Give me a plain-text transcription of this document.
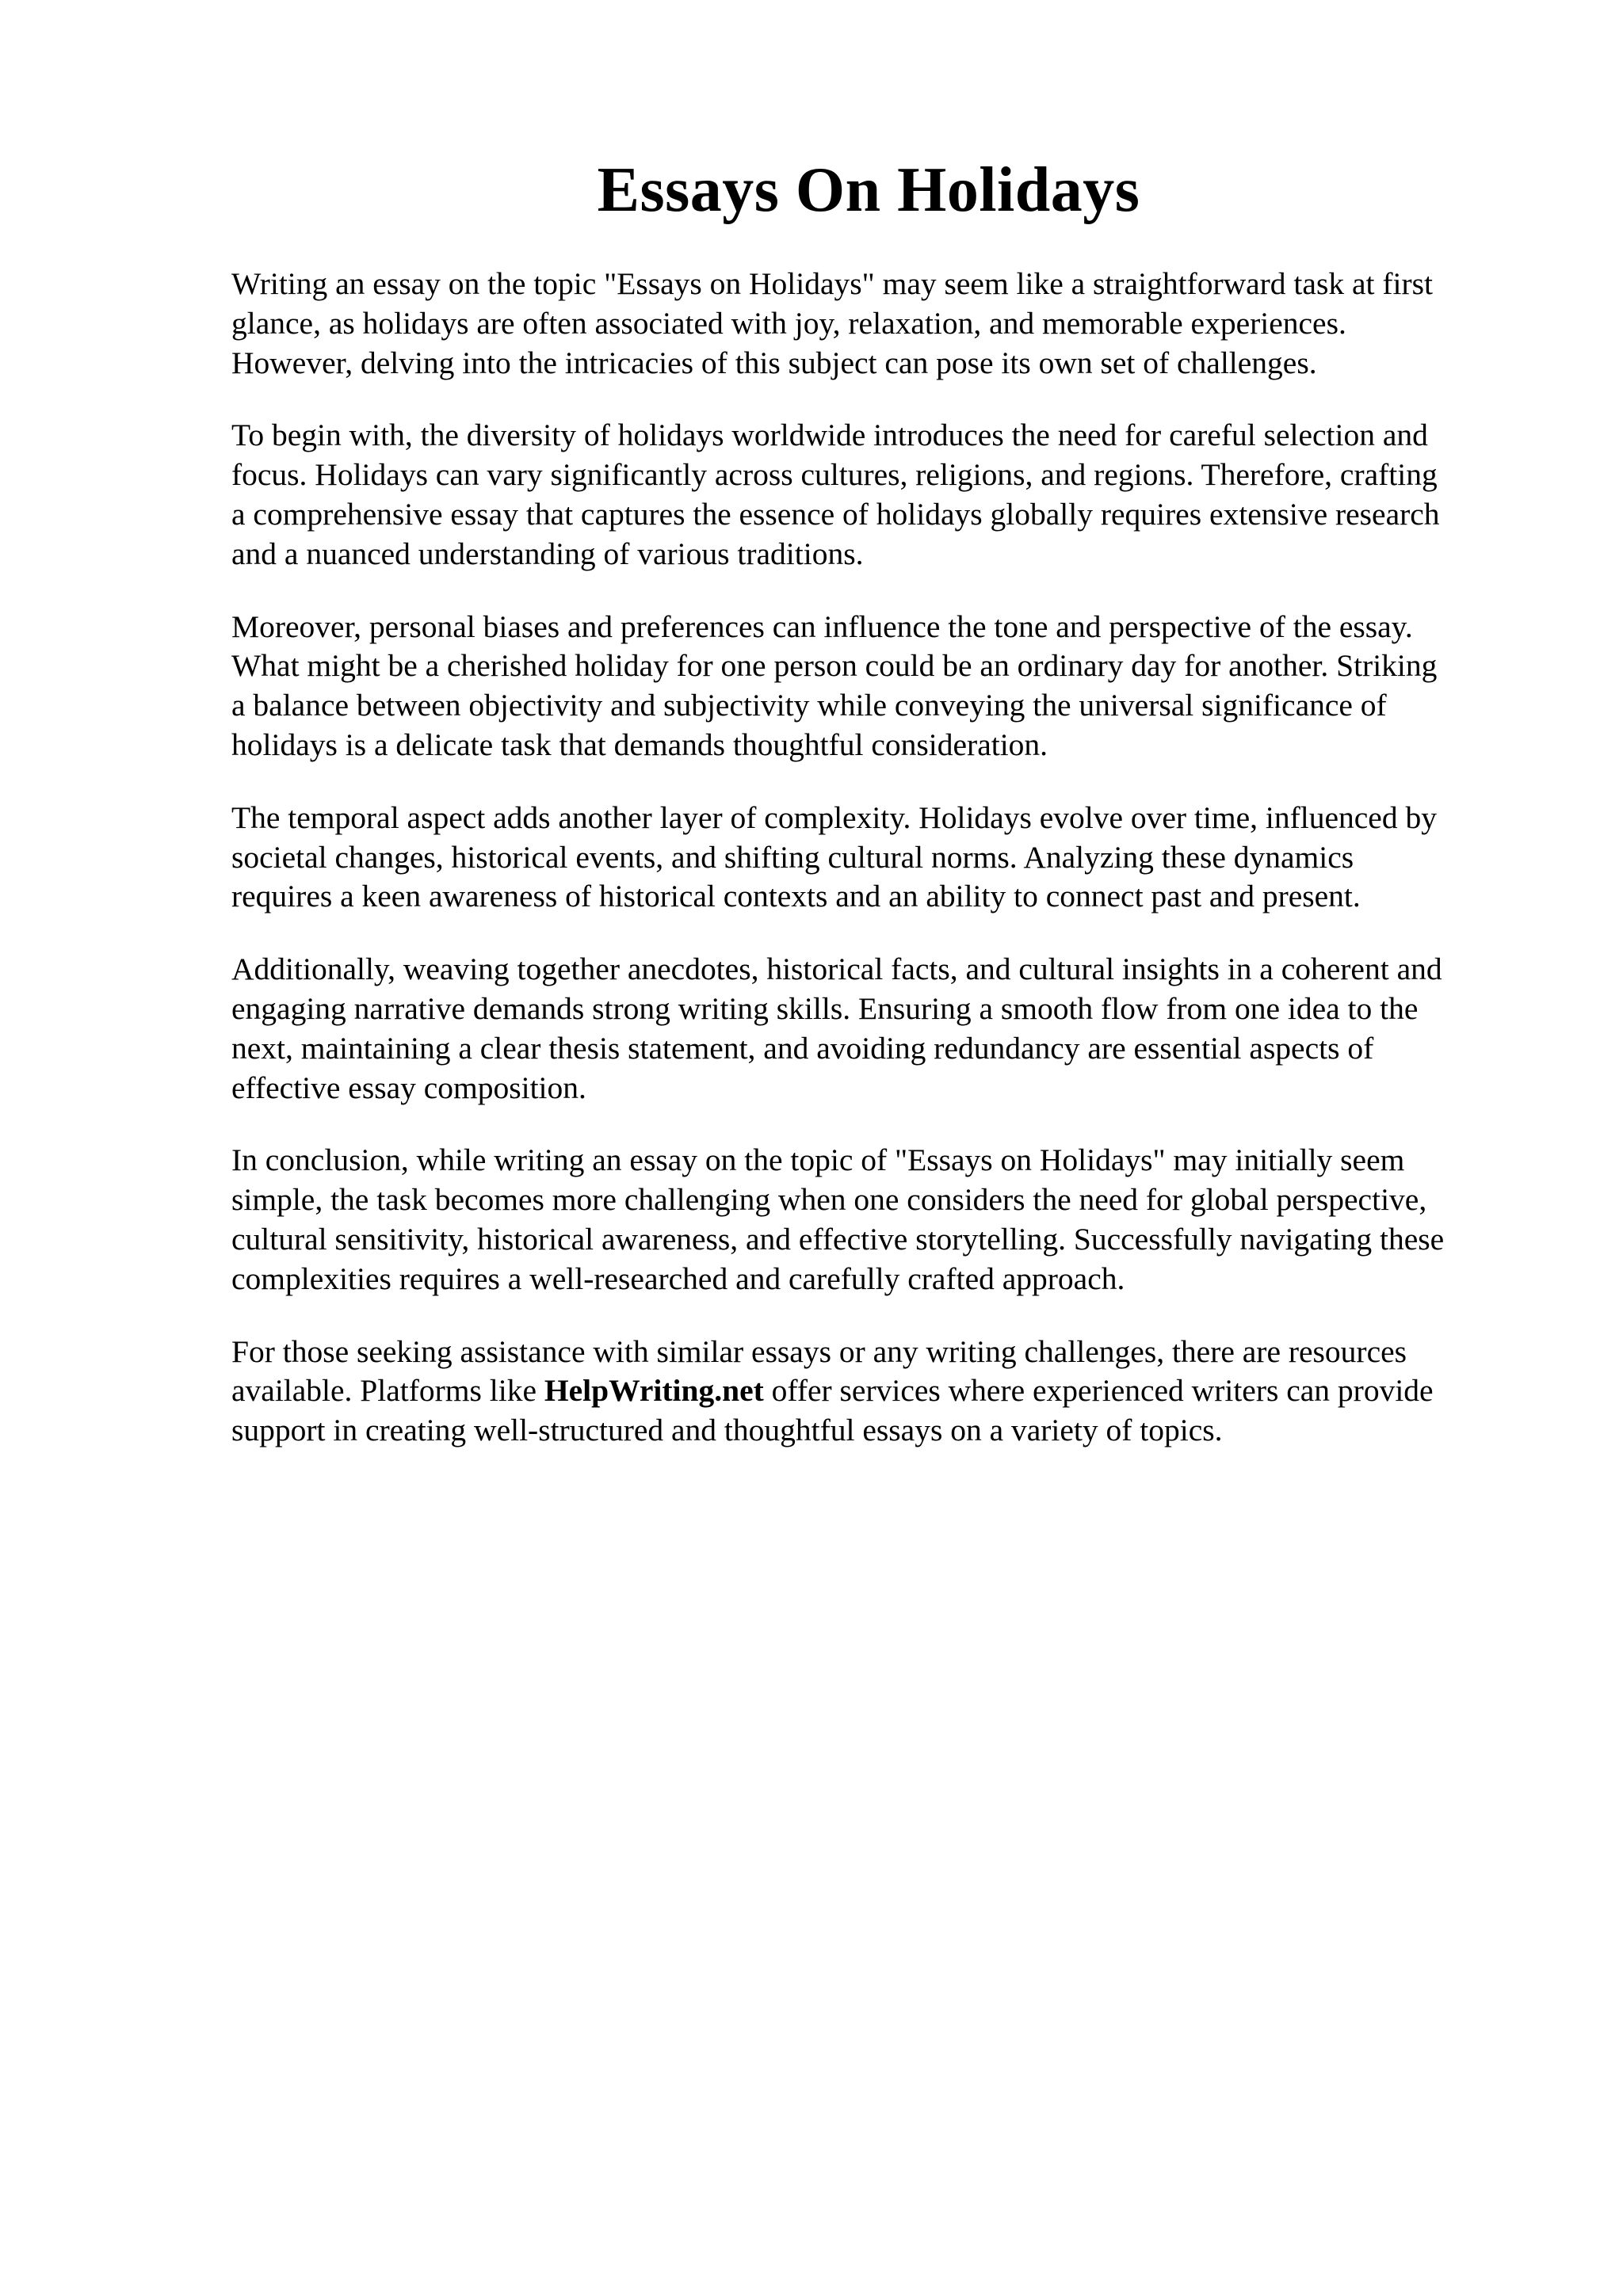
Essays On Holidays

Writing an essay on the topic "Essays on Holidays" may seem like a straightforward task at first
glance, as holidays are often associated with joy, relaxation, and memorable experiences.
However, delving into the intricacies of this subject can pose its own set of challenges.

To begin with, the diversity of holidays worldwide introduces the need for careful selection and
focus. Holidays can vary significantly across cultures, religions, and regions. Therefore, crafting
a comprehensive essay that captures the essence of holidays globally requires extensive research
and a nuanced understanding of various traditions.

Moreover, personal biases and preferences can influence the tone and perspective of the essay.
What might be a cherished holiday for one person could be an ordinary day for another. Striking
a balance between objectivity and subjectivity while conveying the universal significance of
holidays is a delicate task that demands thoughtful consideration.

The temporal aspect adds another layer of complexity. Holidays evolve over time, influenced by
societal changes, historical events, and shifting cultural norms. Analyzing these dynamics
requires a keen awareness of historical contexts and an ability to connect past and present.

Additionally, weaving together anecdotes, historical facts, and cultural insights in a coherent and
engaging narrative demands strong writing skills. Ensuring a smooth flow from one idea to the
next, maintaining a clear thesis statement, and avoiding redundancy are essential aspects of
effective essay composition.

In conclusion, while writing an essay on the topic of "Essays on Holidays" may initially seem
simple, the task becomes more challenging when one considers the need for global perspective,
cultural sensitivity, historical awareness, and effective storytelling. Successfully navigating these
complexities requires a well-researched and carefully crafted approach.

For those seeking assistance with similar essays or any writing challenges, there are resources
available. Platforms like HelpWriting.net offer services where experienced writers can provide
support in creating well-structured and thoughtful essays on a variety of topics.
